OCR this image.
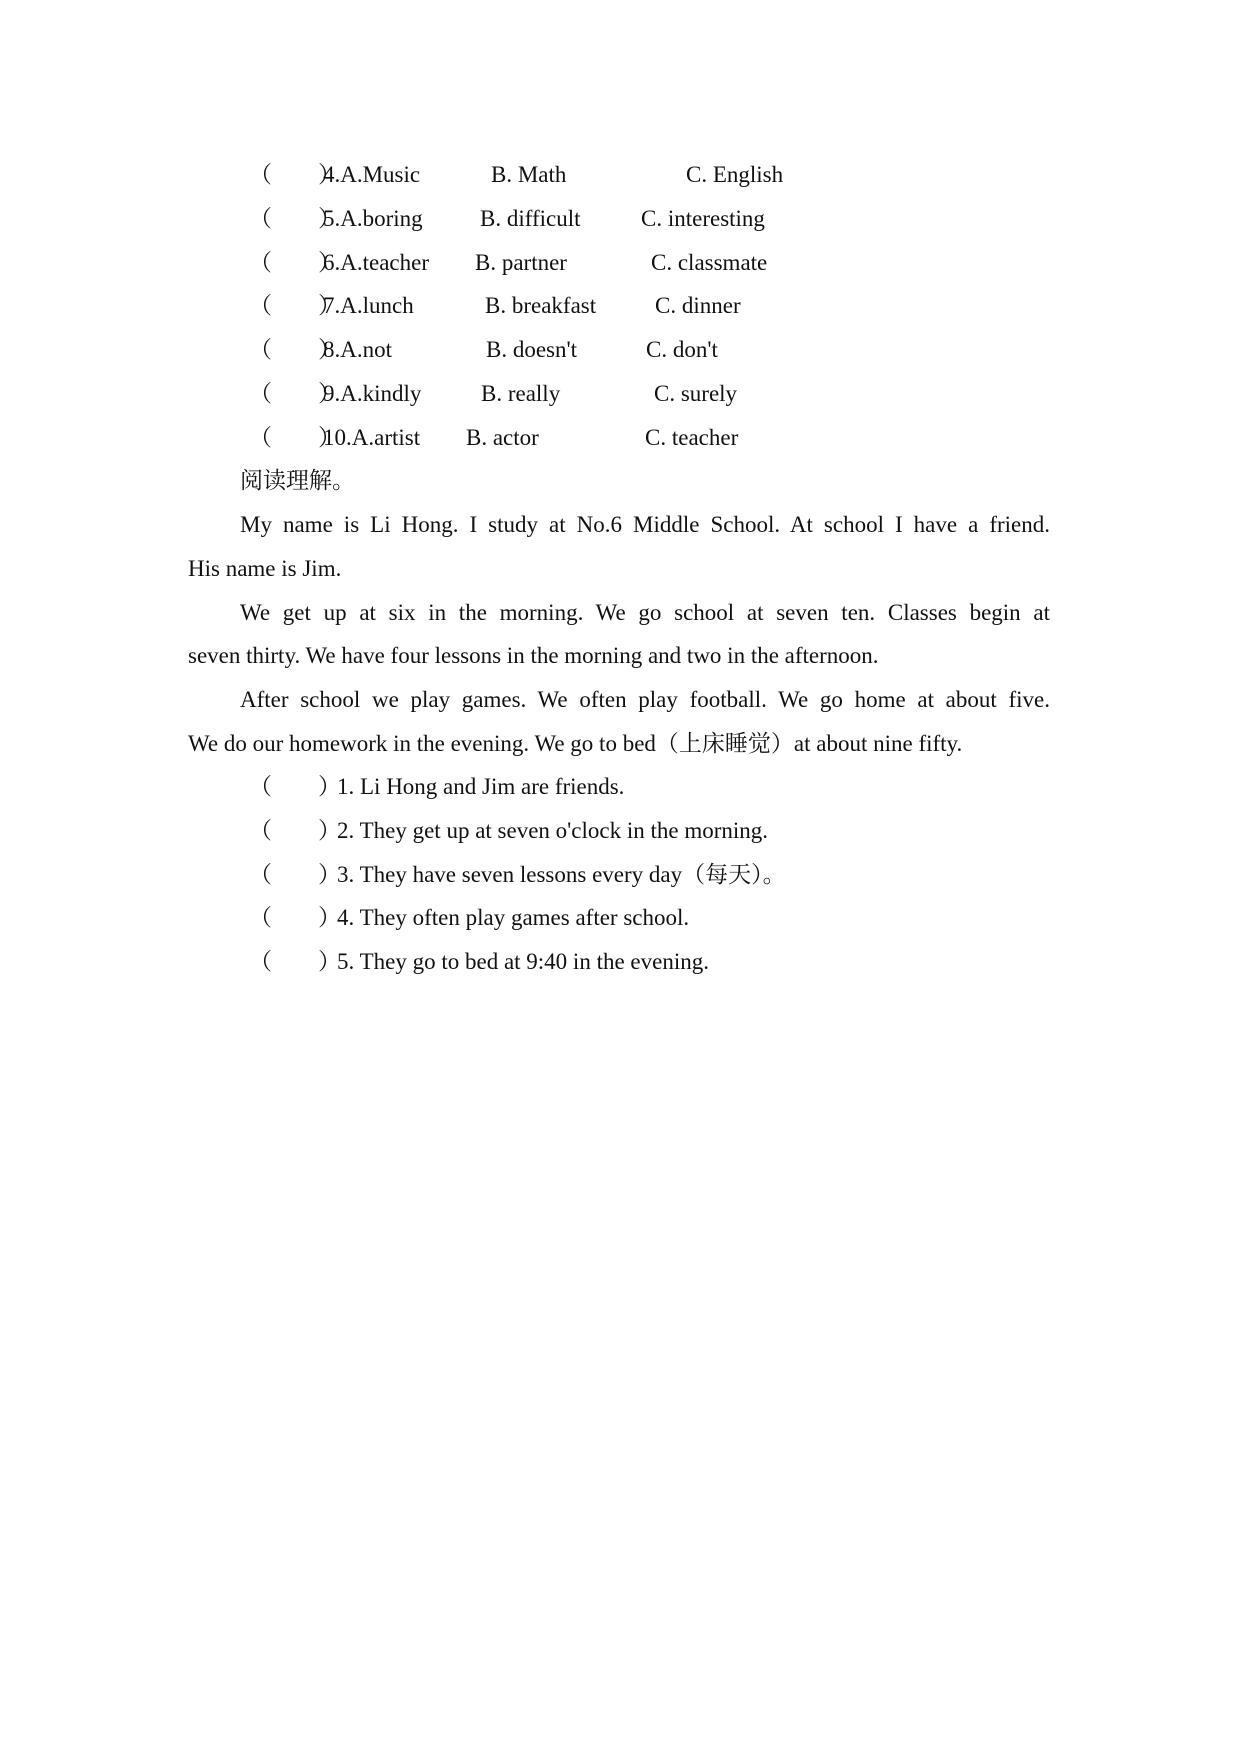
（　　）
4.A.Music	B. Math	C. English
（　　）
5.A.boring B. difficult	C. interesting
（　　）
6.A.teacher B. partner	C. classmate
（　　）
7.A.lunch	B. breakfast	C. dinner
（　　）
8.A.not	B. doesn't	C. don't
（　　）
9.A.kindly	B. really	C. surely
（　　）
10.A.artist B. actor	C. teacher
阅读理解。
My name is Li Hong. I study at No.6 Middle School. At school I have a friend.
His name is Jim.
We get up at six in the morning. We go school at seven ten. Classes begin at
seven thirty. We have four lessons in the morning and two in the afternoon.
After school we play games. We often play football. We go home at about five.
We do our homework in the evening. We go to bed（上床睡觉）at about nine fifty.
（　　）
1. Li Hong and Jim are friends.
（　　）
2. They get up at seven o'clock in the morning.
（　　）
3. They have seven lessons every day（每天）。
（　　）
4. They often play games after school.
（　　）
5. They go to bed at 9:40 in the evening.
